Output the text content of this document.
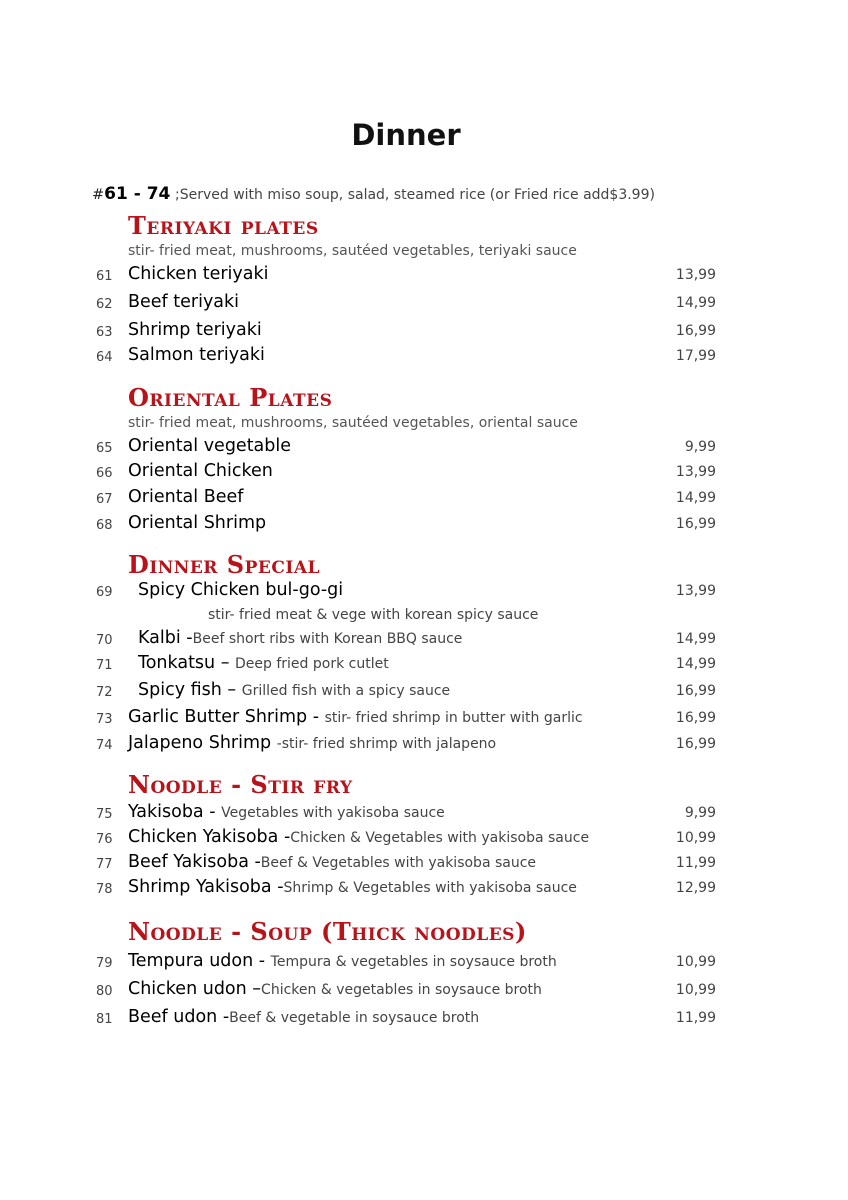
Dinner
#61 - 74 ;Served with miso soup, salad, steamed rice (or Fried rice add$3.99)
Teriyaki plates
stir- fried meat, mushrooms, sautéed vegetables, teriyaki sauce
61 Chicken teriyaki	13,99
62 Beef teriyaki	14,99
63 Shrimp teriyaki	16,99
64 Salmon teriyaki	17,99
Oriental Plates
stir- fried meat, mushrooms, sautéed vegetables, oriental sauce
65 Oriental vegetable	9,99
66 Oriental Chicken	13,99
67 Oriental Beef	14,99
68 Oriental Shrimp	16,99
Dinner Special
69	Spicy Chicken bul-go-gi	13,99
stir- fried meat & vege with korean spicy sauce
70	Kalbi -Beef short ribs with Korean BBQ sauce	14,99
71	Tonkatsu – Deep fried pork cutlet	14,99
72	Spicy fish – Grilled fish with a spicy sauce	16,99
73 Garlic Butter Shrimp - stir- fried shrimp in butter with garlic	16,99
74 Jalapeno Shrimp -stir- fried shrimp with jalapeno	16,99
Noodle - Stir fry
75 Yakisoba - Vegetables with yakisoba sauce	9,99
76 Chicken Yakisoba -Chicken & Vegetables with yakisoba sauce	10,99
77 Beef Yakisoba -Beef & Vegetables with yakisoba sauce	11,99
78 Shrimp Yakisoba -Shrimp & Vegetables with yakisoba sauce	12,99
Noodle - Soup (Thick noodles)
79 Tempura udon - Tempura & vegetables in soysauce broth	10,99
80 Chicken udon –Chicken & vegetables in soysauce broth	10,99
81 Beef udon -Beef & vegetable in soysauce broth	11,99
